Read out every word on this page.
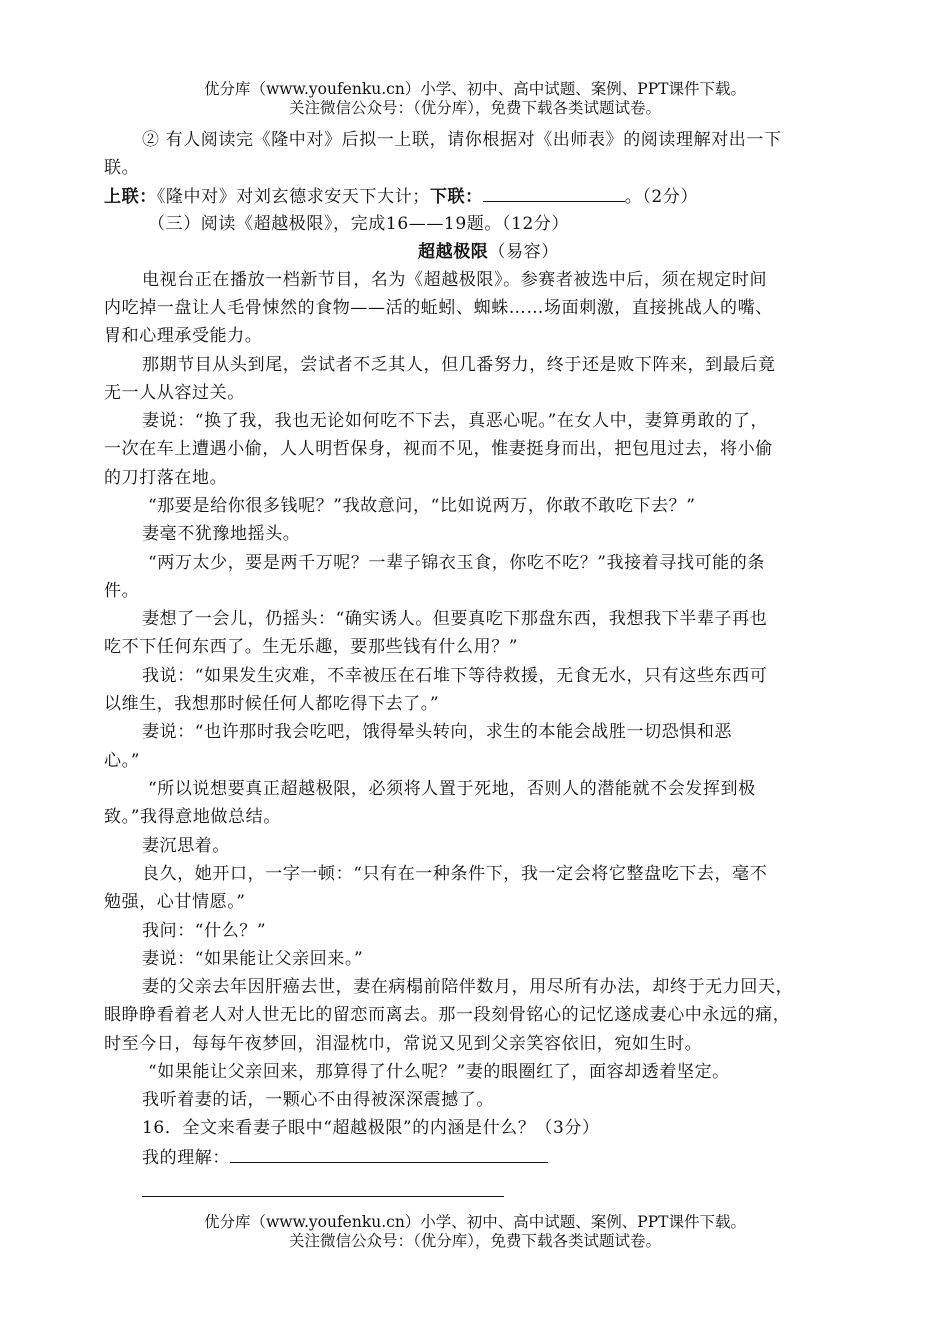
优分库（www.youfenku.cn）小学、初中、高中试题、案例、PPT课件下载。
关注微信公众号：（优分库），免费下载各类试题试卷。
② 有人阅读完《隆中对》后拟一上联，请你根据对《出师表》的阅读理解对出一下
联。
上联：《隆中对》对刘玄德求安天下大计；下联：	。（2分）
（三）阅读《超越极限》，完成16——19题。（12分）
超越极限（易容）
电视台正在播放一档新节目，名为《超越极限》。参赛者被选中后，须在规定时间
内吃掉一盘让人毛骨悚然的食物——活的蚯蚓、蜘蛛……场面刺激，直接挑战人的嘴、
胃和心理承受能力。
那期节目从头到尾，尝试者不乏其人，但几番努力，终于还是败下阵来，到最后竟
无一人从容过关。
妻说：“换了我，我也无论如何吃不下去，真恶心呢。”在女人中，妻算勇敢的了，
一次在车上遭遇小偷，人人明哲保身，视而不见，惟妻挺身而出，把包甩过去，将小偷
的刀打落在地。
“那要是给你很多钱呢？”我故意问，“比如说两万，你敢不敢吃下去？”
妻毫不犹豫地摇头。
“两万太少，要是两千万呢？一辈子锦衣玉食，你吃不吃？”我接着寻找可能的条
件。
妻想了一会儿，仍摇头：“确实诱人。但要真吃下那盘东西，我想我下半辈子再也
吃不下任何东西了。生无乐趣，要那些钱有什么用？”
我说：“如果发生灾难，不幸被压在石堆下等待救援，无食无水，只有这些东西可
以维生，我想那时候任何人都吃得下去了。”
妻说：“也许那时我会吃吧，饿得晕头转向，求生的本能会战胜一切恐惧和恶
心。”
“所以说想要真正超越极限，必须将人置于死地，否则人的潜能就不会发挥到极
致。”我得意地做总结。
妻沉思着。
良久，她开口，一字一顿：“只有在一种条件下，我一定会将它整盘吃下去，毫不
勉强，心甘情愿。”
我问：“什么？”
妻说：“如果能让父亲回来。”
妻的父亲去年因肝癌去世，妻在病榻前陪伴数月，用尽所有办法，却终于无力回天，
眼睁睁看着老人对人世无比的留恋而离去。那一段刻骨铭心的记忆遂成妻心中永远的痛，
时至今日，每每午夜梦回，泪湿枕巾，常说又见到父亲笑容依旧，宛如生时。
“如果能让父亲回来，那算得了什么呢？”妻的眼圈红了，面容却透着坚定。
我听着妻的话，一颗心不由得被深深震撼了。
16．全文来看妻子眼中“超越极限”的内涵是什么？（3分）
我的理解：
优分库（www.youfenku.cn）小学、初中、高中试题、案例、PPT课件下载。
关注微信公众号：（优分库），免费下载各类试题试卷。
